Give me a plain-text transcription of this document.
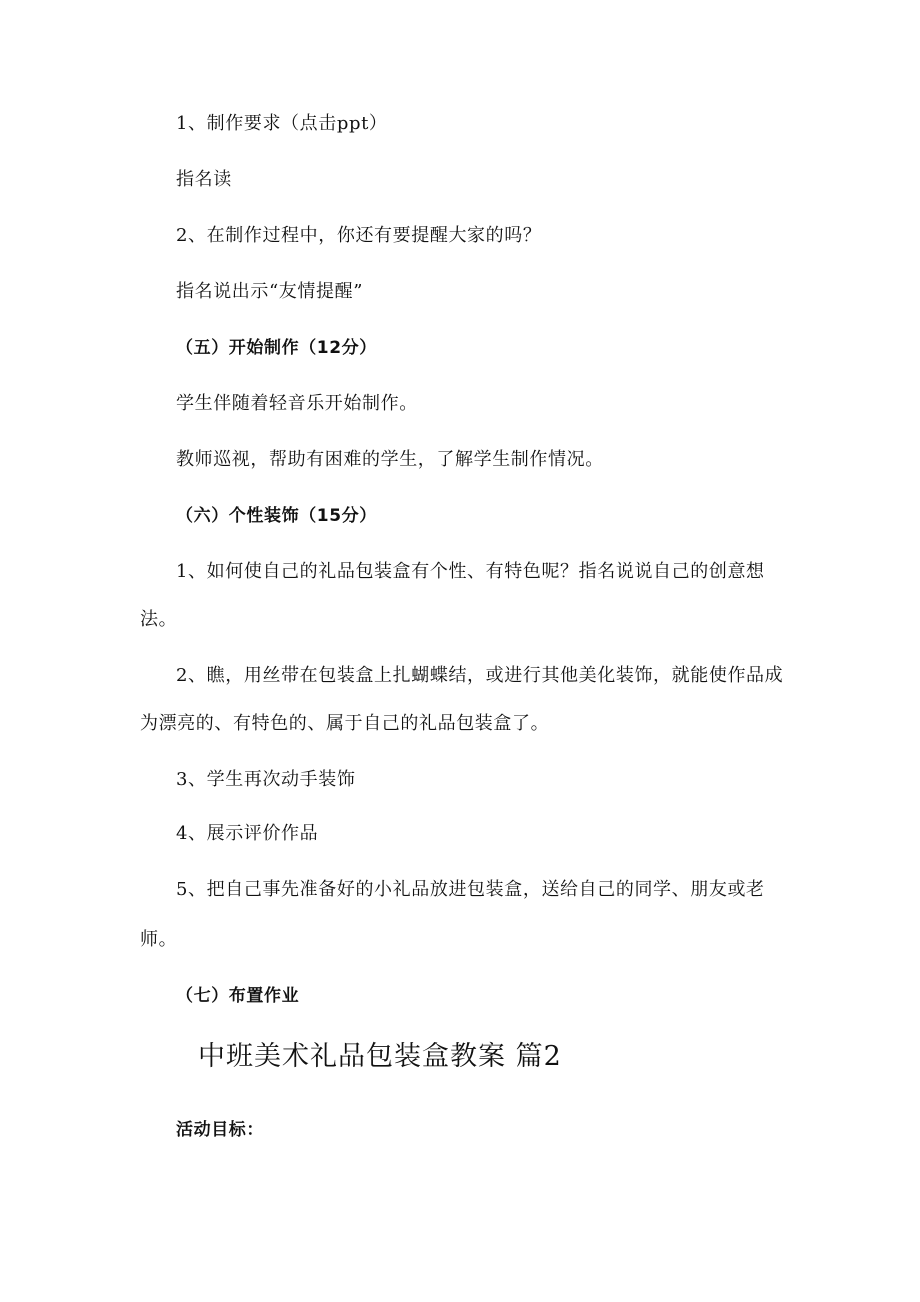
1、制作要求（点击ppt）
指名读
2、在制作过程中，你还有要提醒大家的吗？
指名说出示“友情提醒”
（五）开始制作（12分）
学生伴随着轻音乐开始制作。
教师巡视，帮助有困难的学生，了解学生制作情况。
（六）个性装饰（15分）
1、如何使自己的礼品包装盒有个性、有特色呢？指名说说自己的创意想
法。
2、瞧，用丝带在包装盒上扎蝴蝶结，或进行其他美化装饰，就能使作品成
为漂亮的、有特色的、属于自己的礼品包装盒了。
3、学生再次动手装饰
4、展示评价作品
5、把自己事先准备好的小礼品放进包装盒，送给自己的同学、朋友或老
师。
（七）布置作业
中班美术礼品包装盒教案 篇2
活动目标：
